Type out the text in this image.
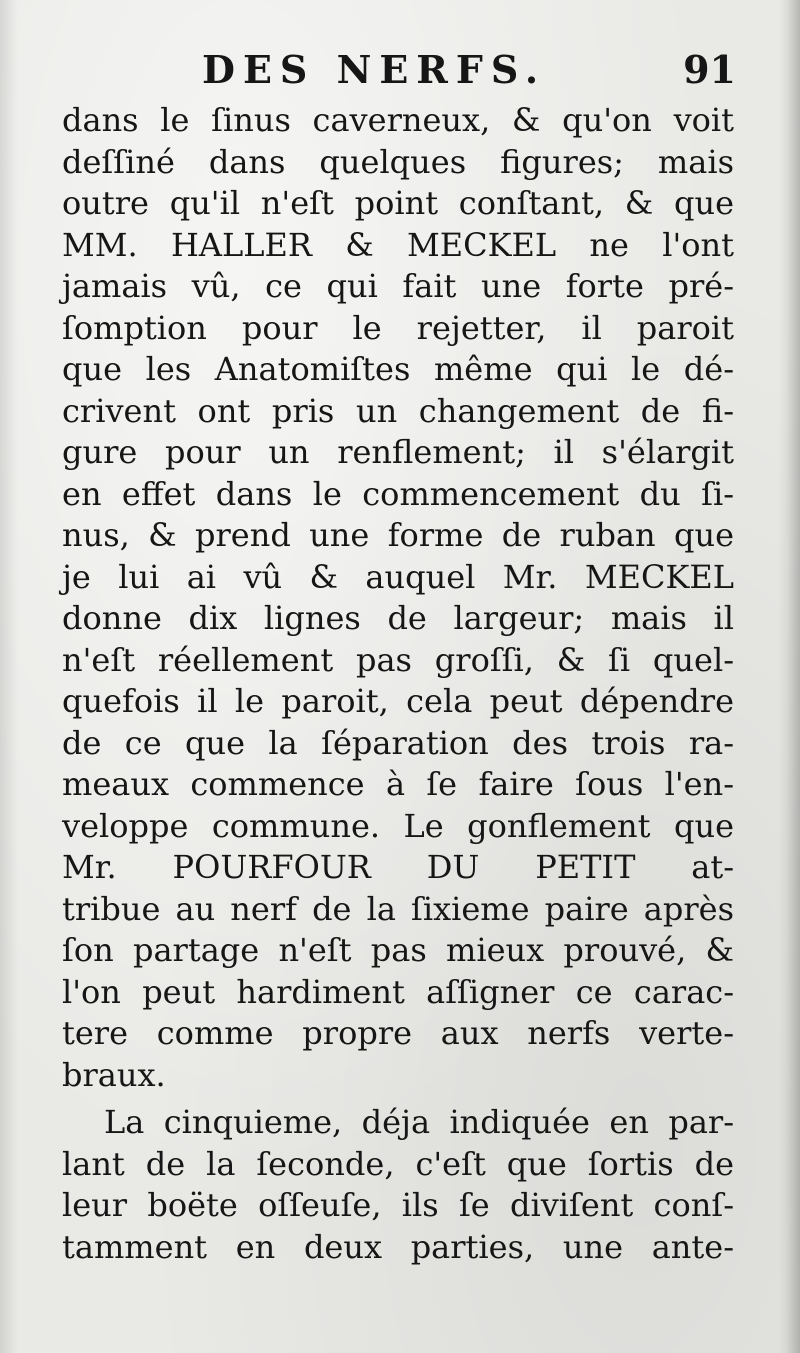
DES NERFS.	91
dans le ſinus caverneux, & qu'on voit
deſſiné dans quelques figures; mais
outre qu'il n'eſt point conſtant, & que
MM. HALLER & MECKEL ne l'ont
jamais vû, ce qui fait une forte pré-
ſomption pour le rejetter, il paroit
que les Anatomiſtes même qui le dé-
crivent ont pris un changement de fi-
gure pour un renflement; il s'élargit
en effet dans le commencement du ſi-
nus, & prend une forme de ruban que
je lui ai vû & auquel Mr. MECKEL
donne dix lignes de largeur; mais il
n'eſt réellement pas groſſi, & ſi quel-
quefois il le paroit, cela peut dépendre
de ce que la ſéparation des trois ra-
meaux commence à ſe faire ſous l'en-
veloppe commune. Le gonflement que
Mr. POURFOUR DU PETIT at-
tribue au nerf de la ſixieme paire après
ſon partage n'eſt pas mieux prouvé, &
l'on peut hardiment aſſigner ce carac-
tere comme propre aux nerfs verte-
braux.
La cinquieme, déja indiquée en par-
lant de la ſeconde, c'eſt que ſortis de
leur boëte oſſeuſe, ils ſe diviſent conſ-
tamment en deux parties, une ante-
